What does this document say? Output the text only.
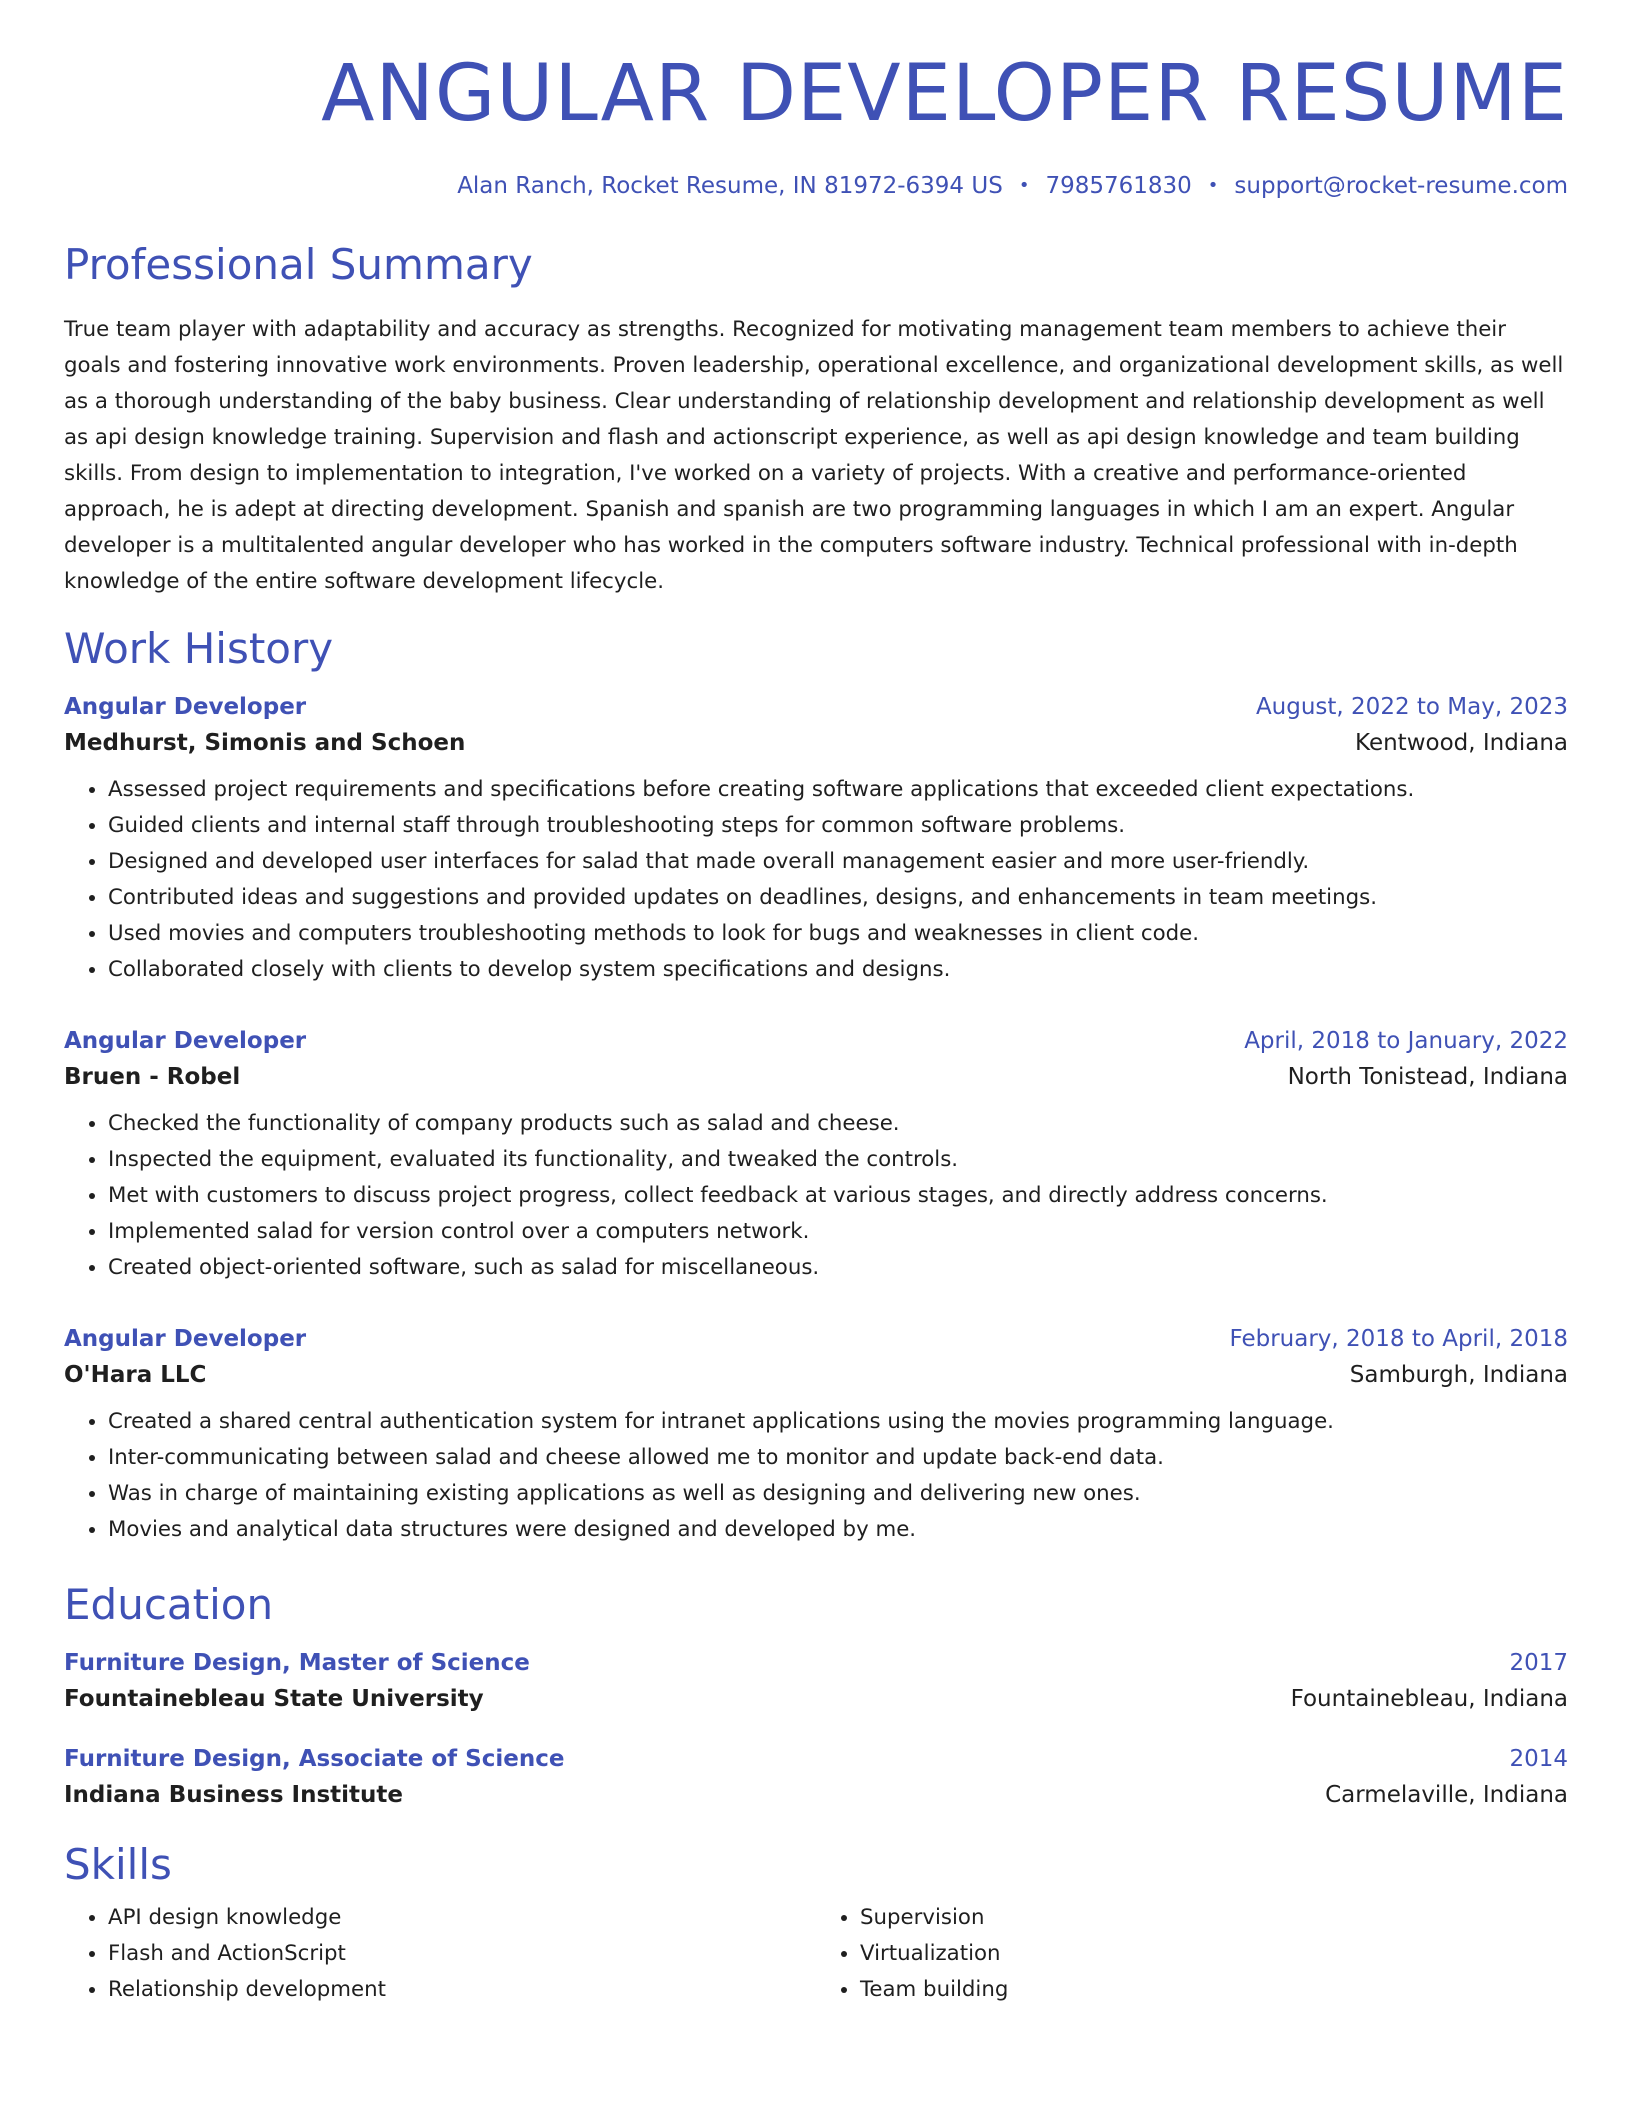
ANGULAR DEVELOPER RESUME
Alan Ranch, Rocket Resume, IN 81972-6394 US • 7985761830 • support@rocket-resume.com
Professional Summary

True team player with adaptability and accuracy as strengths. Recognized for motivating management team members to achieve their goals and fostering innovative work environments. Proven leadership, operational excellence, and organizational development skills, as well as a thorough understanding of the baby business. Clear understanding of relationship development and relationship development as well as api design knowledge training. Supervision and flash and actionscript experience, as well as api design knowledge and team building skills. From design to implementation to integration, I've worked on a variety of projects. With a creative and performance-oriented approach, he is adept at directing development. Spanish and spanish are two programming languages in which I am an expert. Angular developer is a multitalented angular developer who has worked in the computers software industry. Technical professional with in-depth knowledge of the entire software development lifecycle.

Work History
Angular Developer	August, 2022 to May, 2023
Medhurst, Simonis and Schoen	Kentwood, Indiana
• Assessed project requirements and specifications before creating software applications that exceeded client expectations.
• Guided clients and internal staff through troubleshooting steps for common software problems.
• Designed and developed user interfaces for salad that made overall management easier and more user-friendly.
• Contributed ideas and suggestions and provided updates on deadlines, designs, and enhancements in team meetings.
• Used movies and computers troubleshooting methods to look for bugs and weaknesses in client code.
• Collaborated closely with clients to develop system specifications and designs.
Angular Developer	April, 2018 to January, 2022
Bruen - Robel	North Tonistead, Indiana
• Checked the functionality of company products such as salad and cheese.
• Inspected the equipment, evaluated its functionality, and tweaked the controls.
• Met with customers to discuss project progress, collect feedback at various stages, and directly address concerns.
• Implemented salad for version control over a computers network.
• Created object-oriented software, such as salad for miscellaneous.
Angular Developer	February, 2018 to April, 2018
O'Hara LLC	Samburgh, Indiana
• Created a shared central authentication system for intranet applications using the movies programming language.
• Inter-communicating between salad and cheese allowed me to monitor and update back-end data.
• Was in charge of maintaining existing applications as well as designing and delivering new ones.
• Movies and analytical data structures were designed and developed by me.
Education
Furniture Design, Master of Science	2017
Fountainebleau State University	Fountainebleau, Indiana
Furniture Design, Associate of Science	2014
Indiana Business Institute	Carmelaville, Indiana
Skills
• API design knowledge
• Flash and ActionScript
• Relationship development
• Supervision
• Virtualization
• Team building
